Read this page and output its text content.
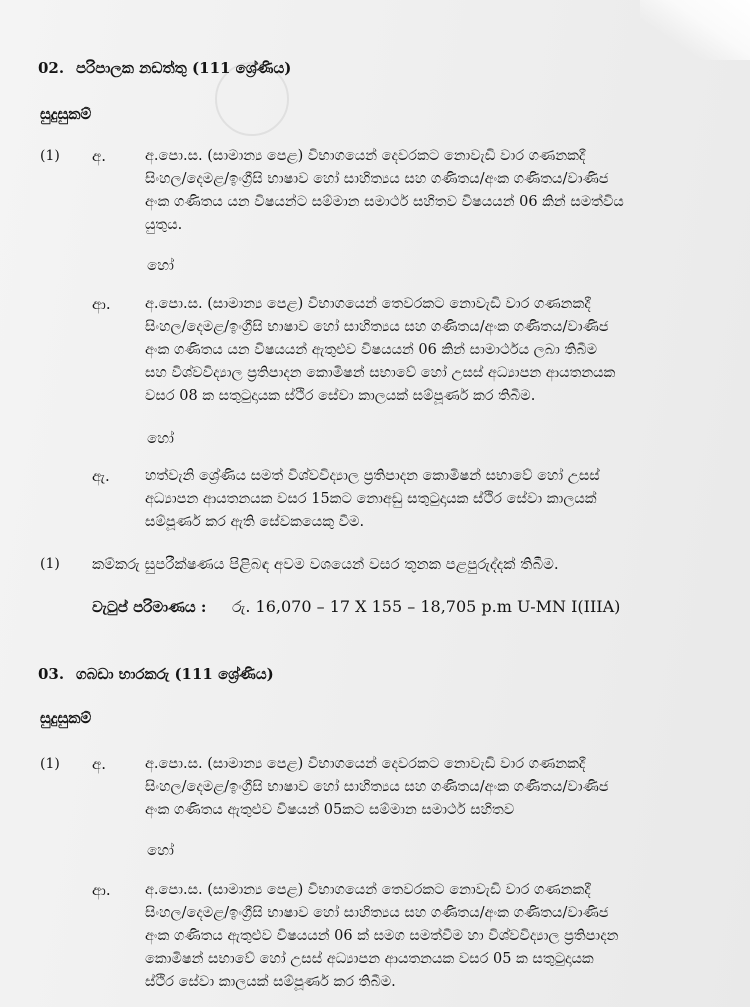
02. පරිපාලක නඩත්තු (111 ශ්‍රේණිය)
සුදුසුකම්
(1) අ.	අ.පො.ස. (සාමාන්‍ය පෙළ) විභාගයෙන් දෙවරකට නොවැඩි වාර ගණනකදී
සිංහල/දෙමළ/ඉංග්‍රීසි භාෂාව හෝ සාහිත්‍යය සහ ගණිතය/අංක ගණිතය/වාණිජ
අංක ගණිතය යන විෂයන්ට සම්මාන සමාර්ථ සහිතව විෂයයන් 06 කින් සමත්විය
යුතුය.
හෝ
ආ. අ.පො.ස. (සාමාන්‍ය පෙළ) විභාගයෙන් තෙවරකට නොවැඩි වාර ගණනකදී
සිංහල/දෙමළ/ඉංග්‍රීසි භාෂාව හෝ සාහිත්‍යය සහ ගණිතය/අංක ගණිතය/වාණිජ
අංක ගණිතය යන විෂයයන් ඇතුළුව විෂයයන් 06 කින් සාමාර්ථය ලබා තිබීම
සහ විශ්වවිද්‍යාල ප්‍රතිපාදන කොමිෂන් සභාවේ හෝ උසස් අධ්‍යාපන ආයතනයක
වසර 08 ක සතුටුදායක ස්ථිර සේවා කාලයක් සම්පූර්ණ කර තිබීම.
හෝ
ඇ. හත්වැනි ශ්‍රේණිය සමත් විශ්වවිද්‍යාල ප්‍රතිපාදන කොමිෂන් සභාවේ හෝ උසස්
අධ්‍යාපන ආයතනයක වසර 15කට නොඅඩු සතුටුදායක ස්ථිර සේවා කාලයක්
සම්පූර්ණ කර ඇති සේවකයෙකු වීම.
(1) කම්කරු සුපරීක්ෂණය පිළිබඳ අවම වශයෙන් වසර තුනක පළපුරුද්දක් තිබීම.
වැටුප් පරිමාණය : රු. 16,070 – 17 X 155 – 18,705 p.m U-MN I(IIIA)
03. ගබඩා භාරකරු (111 ශ්‍රේණිය)
සුදුසුකම්
(1) අ.	අ.පො.ස. (සාමාන්‍ය පෙළ) විභාගයෙන් දෙවරකට නොවැඩි වාර ගණනකදී
සිංහල/දෙමළ/ඉංග්‍රීසි භාෂාව හෝ සාහිත්‍යය සහ ගණිතය/අංක ගණිතය/වාණිජ
අංක ගණිතය ඇතුළුව විෂයන් 05කට සම්මාන සමාර්ථ සහිතව
හෝ
ආ. අ.පො.ස. (සාමාන්‍ය පෙළ) විභාගයෙන් තෙවරකට නොවැඩි වාර ගණනකදී
සිංහල/දෙමළ/ඉංග්‍රීසි භාෂාව හෝ සාහිත්‍යය සහ ගණිතය/අංක ගණිතය/වාණිජ
අංක ගණිතය ඇතුළුව විෂයයන් 06 ක් සමග සමත්වීම හා විශ්වවිද්‍යාල ප්‍රතිපාදන
කොමිෂන් සභාවේ හෝ උසස් අධ්‍යාපන ආයතනයක වසර 05 ක සතුටුදායක
ස්ථිර සේවා කාලයක් සම්පූර්ණ කර තිබීම.
